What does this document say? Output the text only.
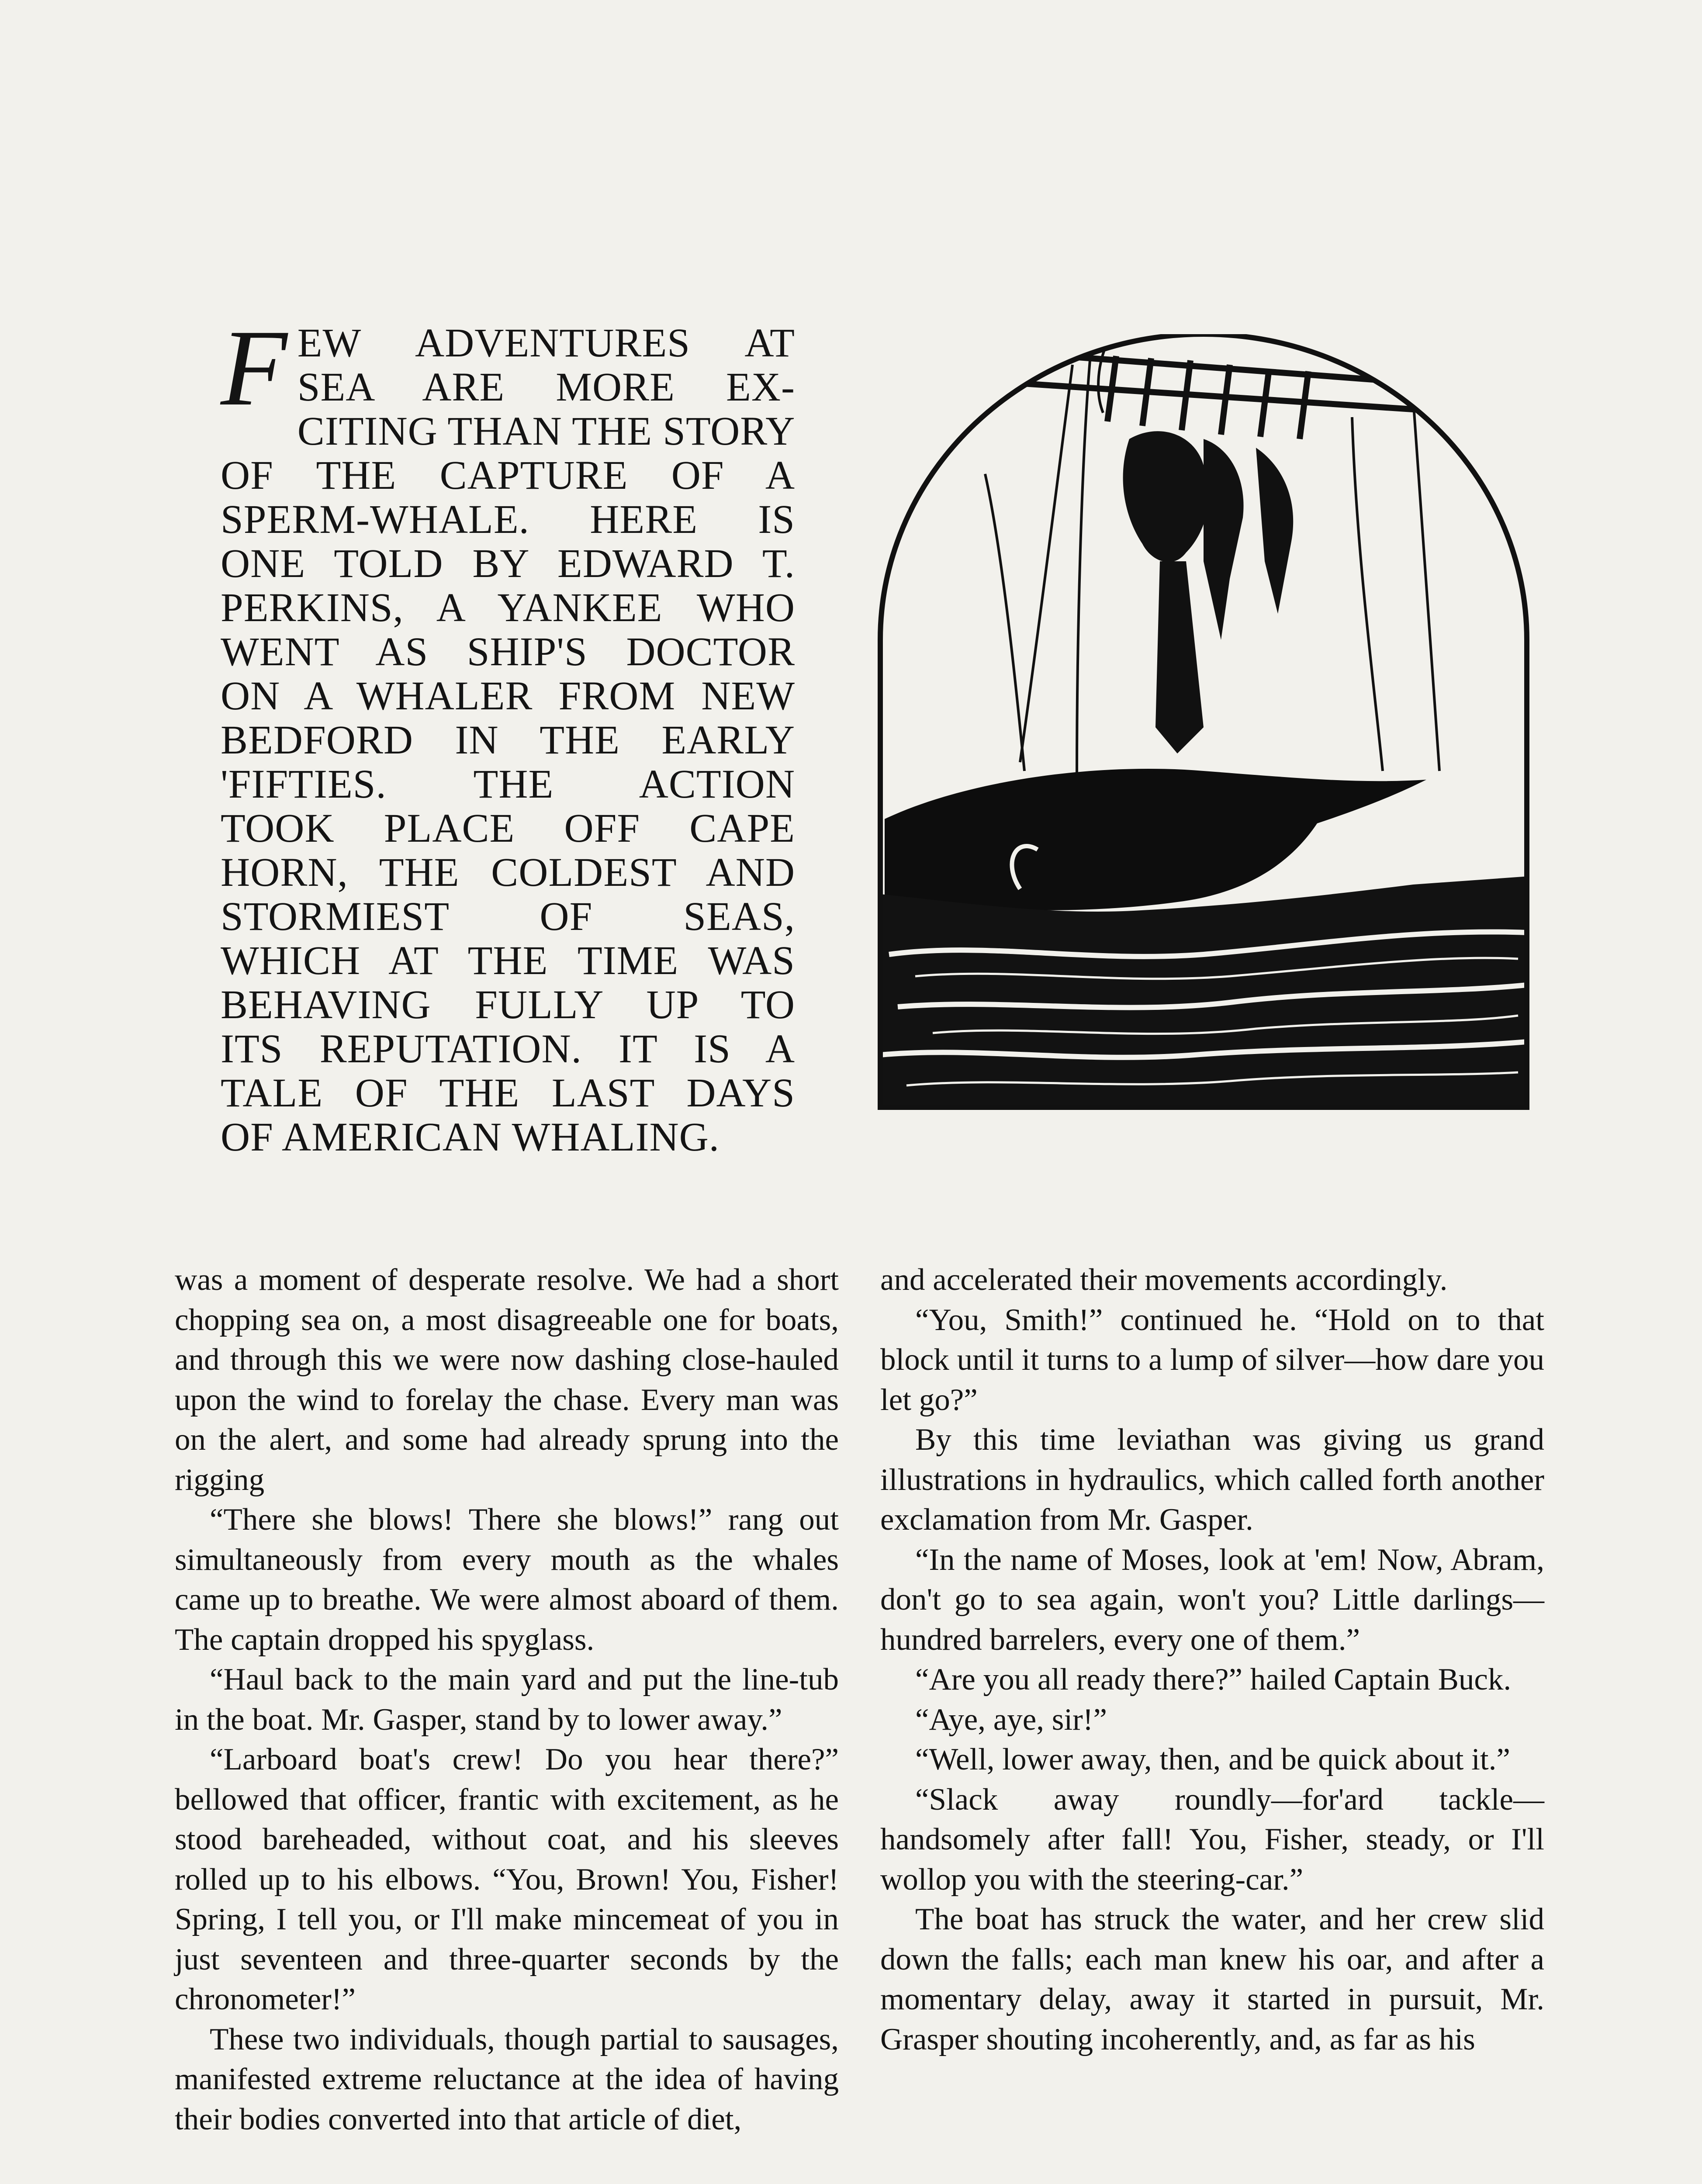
F EW ADVENTURES AT
SEA ARE MORE EX-
CITING THAN THE STORY
OF THE CAPTURE OF A
SPERM-WHALE. HERE IS
ONE TOLD BY EDWARD T.
PERKINS, A YANKEE WHO
WENT AS SHIP'S DOCTOR
ON A WHALER FROM NEW
BEDFORD IN THE EARLY
'FIFTIES. THE ACTION
TOOK PLACE OFF CAPE
HORN, THE COLDEST AND
STORMIEST OF SEAS,
WHICH AT THE TIME WAS
BEHAVING FULLY UP TO
ITS REPUTATION. IT IS A
TALE OF THE LAST DAYS
OF AMERICAN WHALING.

was a moment of desperate resolve. We had a short chopping sea on, a most disagreeable one for boats, and through this we were now dashing close-hauled upon the wind to forelay the chase. Every man was on the alert, and some had already sprung into the rigging

“There she blows! There she blows!” rang out simultaneously from every mouth as the whales came up to breathe. We were almost aboard of them. The captain dropped his spyglass.

“Haul back to the main yard and put the line-tub in the boat. Mr. Gasper, stand by to lower away.”

“Larboard boat's crew! Do you hear there?” bellowed that officer, frantic with excitement, as he stood bareheaded, without coat, and his sleeves rolled up to his elbows. “You, Brown! You, Fisher! Spring, I tell you, or I'll make mincemeat of you in just seventeen and three-quarter seconds by the chronometer!”

These two individuals, though partial to sausages, manifested extreme reluctance at the idea of having their bodies converted into that article of diet,

and accelerated their movements accordingly.

“You, Smith!” continued he. “Hold on to that block until it turns to a lump of silver—how dare you let go?”

By this time leviathan was giving us grand illustrations in hydraulics, which called forth another exclamation from Mr. Gasper.

“In the name of Moses, look at 'em! Now, Abram, don't go to sea again, won't you? Little darlings—hundred barrelers, every one of them.”

“Are you all ready there?” hailed Captain Buck.

“Aye, aye, sir!”

“Well, lower away, then, and be quick about it.”

“Slack away roundly—for'ard tackle—handsomely after fall! You, Fisher, steady, or I'll wollop you with the steering-car.”

The boat has struck the water, and her crew slid down the falls; each man knew his oar, and after a momentary delay, away it started in pursuit, Mr. Grasper shouting incoherently, and, as far as his
